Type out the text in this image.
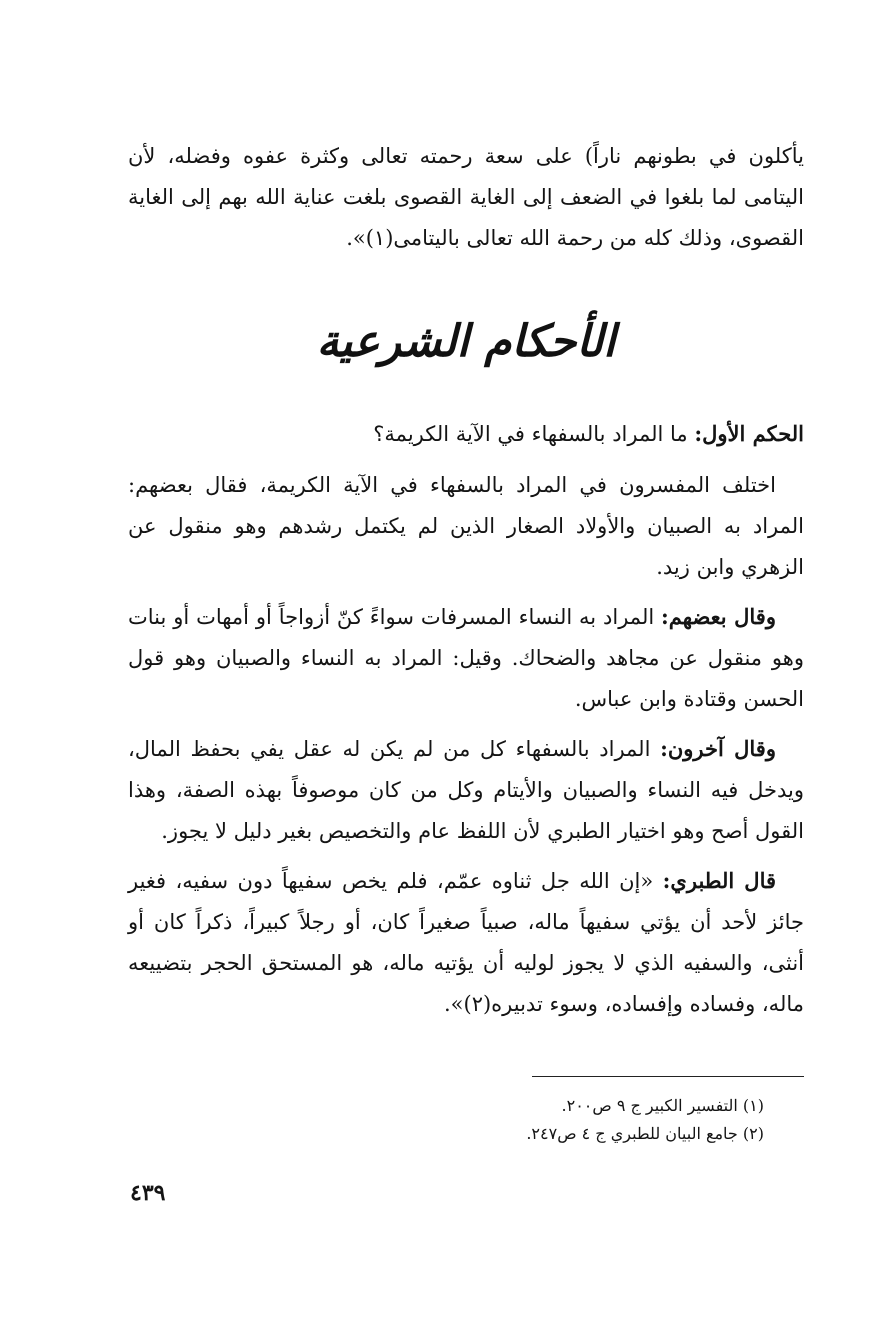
يأكلون في بطونهم ناراً) على سعة رحمته تعالى وكثرة عفوه وفضله، لأن اليتامى لما بلغوا في الضعف إلى الغاية القصوى بلغت عناية الله بهم إلى الغاية القصوى، وذلك كله من رحمة الله تعالى باليتامى(١)».

الأحكام الشرعية

الحكم الأول: ما المراد بالسفهاء في الآية الكريمة؟

اختلف المفسرون في المراد بالسفهاء في الآية الكريمة، فقال بعضهم: المراد به الصبيان والأولاد الصغار الذين لم يكتمل رشدهم وهو منقول عن الزهري وابن زيد.

وقال بعضهم: المراد به النساء المسرفات سواءً كنّ أزواجاً أو أمهات أو بنات وهو منقول عن مجاهد والضحاك. وقيل: المراد به النساء والصبيان وهو قول الحسن وقتادة وابن عباس.

وقال آخرون: المراد بالسفهاء كل من لم يكن له عقل يفي بحفظ المال، ويدخل فيه النساء والصبيان والأيتام وكل من كان موصوفاً بهذه الصفة، وهذا القول أصح وهو اختيار الطبري لأن اللفظ عام والتخصيص بغير دليل لا يجوز.

قال الطبري: «إن الله جل ثناوه عمّم، فلم يخص سفيهاً دون سفيه، فغير جائز لأحد أن يؤتي سفيهاً ماله، صبياً صغيراً كان، أو رجلاً كبيراً، ذكراً كان أو أنثى، والسفيه الذي لا يجوز لوليه أن يؤتيه ماله، هو المستحق الحجر بتضييعه ماله، وفساده وإفساده، وسوء تدبيره(٢)».

(١) التفسير الكبير ج ٩ ص٢٠٠.

(٢) جامع البيان للطبري ج ٤ ص٢٤٧.

٤٣٩
